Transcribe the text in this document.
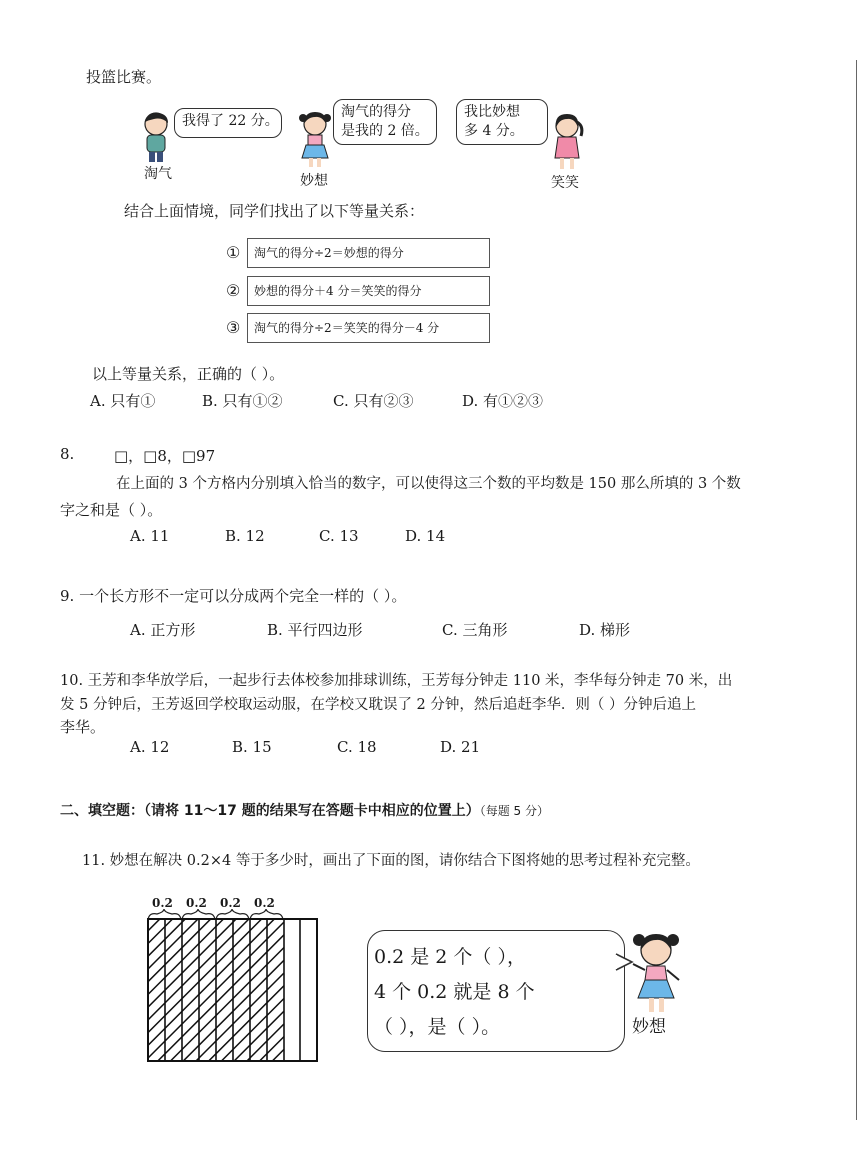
投篮比赛。
我得了 22 分。
淘气
淘气的得分
是我的 2 倍。
妙想
我比妙想
多 4 分。
笑笑
结合上面情境，同学们找出了以下等量关系：
①	淘气的得分÷2＝妙想的得分
②	妙想的得分＋4 分＝笑笑的得分
③	淘气的得分÷2＝笑笑的得分－4 分
以上等量关系，正确的（ ）。
A. 只有①	B. 只有①②	C. 只有②③	D. 有①②③
8.	□，□8，□97
在上面的 3 个方格内分别填入恰当的数字，可以使得这三个数的平均数是 150 那么所填的 3 个数
字之和是（ ）。
A. 11	B. 12	C. 13	D. 14
9. 一个长方形不一定可以分成两个完全一样的（ ）。
A. 正方形	B. 平行四边形	C. 三角形	D. 梯形
10. 王芳和李华放学后，一起步行去体校参加排球训练，王芳每分钟走 110 米，李华每分钟走 70 米，出
发 5 分钟后，王芳返回学校取运动服，在学校又耽误了 2 分钟，然后追赶李华．则（ ）分钟后追上
李华。
A. 12	B. 15	C. 18	D. 21
二、填空题：（请将 11～17 题的结果写在答题卡中相应的位置上）（每题 5 分）
11. 妙想在解决 0.2×4 等于多少时，画出了下面的图，请你结合下图将她的思考过程补充完整。
0.2 0.2 0.2 0.2
0.2 是 2 个（ ），
4 个 0.2 就是 8 个
（ ），是（ ）。	妙想
